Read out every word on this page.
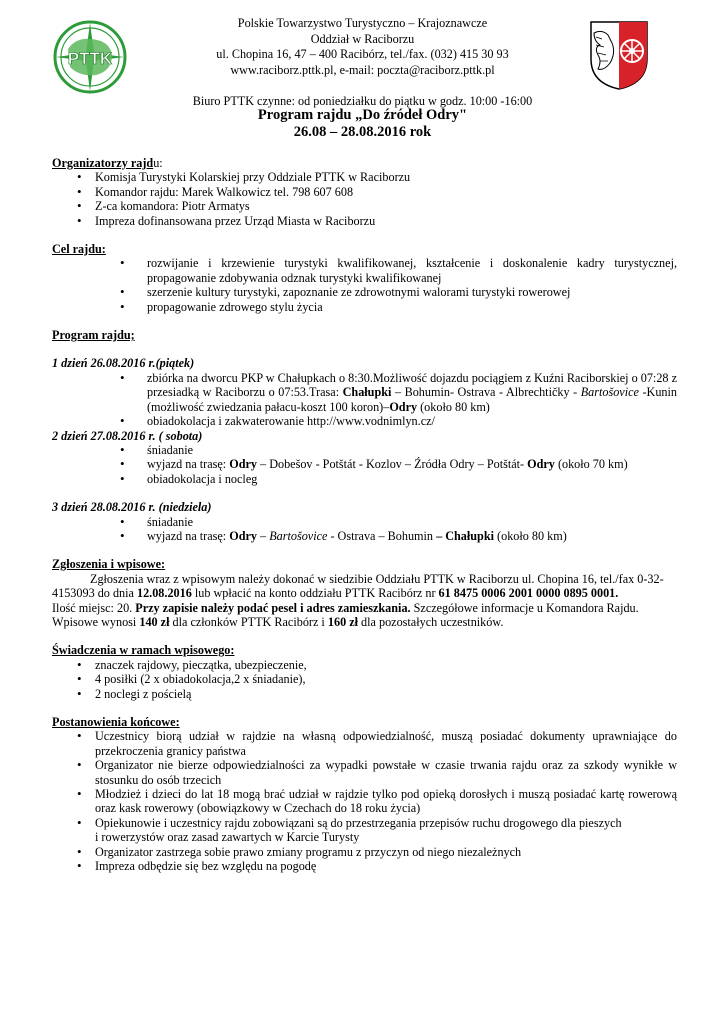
PTTK
Polskie Towarzystwo Turystyczno – Krajoznawcze
Oddział w Raciborzu
ul. Chopina 16, 47 – 400 Racibórz, tel./fax. (032) 415 30 93
www.raciborz.pttk.pl, e-mail: poczta@raciborz.pttk.pl
Biuro PTTK czynne: od poniedziałku do piątku w godz. 10:00 -16:00
Program rajdu „Do źródeł Odry"
26.08 – 28.08.2016 rok
Organizatorzy rajdu:
• Komisja Turystyki Kolarskiej przy Oddziale PTTK w Raciborzu
• Komandor rajdu: Marek Walkowicz tel. 798 607 608
• Z-ca komandora: Piotr Armatys
• Impreza dofinansowana przez Urząd Miasta w Raciborzu
Cel rajdu:
• rozwijanie i krzewienie turystyki kwalifikowanej, kształcenie i doskonalenie kadry turystycznej, propagowanie zdobywania odznak turystyki kwalifikowanej
• szerzenie kultury turystyki, zapoznanie ze zdrowotnymi walorami turystyki rowerowej
• propagowanie zdrowego stylu życia
Program rajdu;
1 dzień 26.08.2016 r.(piątek)
• zbiórka na dworcu PKP w Chałupkach o 8:30.Możliwość dojazdu pociągiem z Kuźni Raciborskiej o 07:28 z przesiadką w Raciborzu o 07:53.Trasa: Chałupki – Bohumin- Ostrava - Albrechtičky - Bartošovice -Kunin (możliwość zwiedzania pałacu-koszt 100 koron)–Odry (około 80 km)
• obiadokolacja i zakwaterowanie http://www.vodnimlyn.cz/
2 dzień 27.08.2016 r. ( sobota)
• śniadanie
• wyjazd na trasę: Odry – Dobešov - Potštát - Kozlov – Źródła Odry – Potštát- Odry (około 70 km)
• obiadokolacja i nocleg
3 dzień 28.08.2016 r. (niedziela)
• śniadanie
• wyjazd na trasę: Odry – Bartošovice - Ostrava – Bohumin – Chałupki (około 80 km)
Zgłoszenia i wpisowe:
Zgłoszenia wraz z wpisowym należy dokonać w siedzibie Oddziału PTTK w Raciborzu ul. Chopina 16, tel./fax 0-32-4153093 do dnia 12.08.2016 lub wpłacić na konto oddziału PTTK Racibórz nr 61 8475 0006 2001 0000 0895 0001.
Ilość miejsc: 20. Przy zapisie należy podać pesel i adres zamieszkania. Szczegółowe informacje u Komandora Rajdu.
Wpisowe wynosi 140 zł dla członków PTTK Racibórz i 160 zł dla pozostałych uczestników.
Świadczenia w ramach wpisowego:
• znaczek rajdowy, pieczątka, ubezpieczenie,
• 4 posiłki (2 x obiadokolacja,2 x śniadanie),
• 2 noclegi z pościelą
Postanowienia końcowe:
• Uczestnicy biorą udział w rajdzie na własną odpowiedzialność, muszą posiadać dokumenty uprawniające do przekroczenia granicy państwa
• Organizator nie bierze odpowiedzialności za wypadki powstałe w czasie trwania rajdu oraz za szkody wynikłe w stosunku do osób trzecich
• Młodzież i dzieci do lat 18 mogą brać udział w rajdzie tylko pod opieką dorosłych i muszą posiadać kartę rowerową oraz kask rowerowy (obowiązkowy w Czechach do 18 roku życia)
• Opiekunowie i uczestnicy rajdu zobowiązani są do przestrzegania przepisów ruchu drogowego dla pieszych
i rowerzystów oraz zasad zawartych w Karcie Turysty
• Organizator zastrzega sobie prawo zmiany programu z przyczyn od niego niezależnych
• Impreza odbędzie się bez względu na pogodę
